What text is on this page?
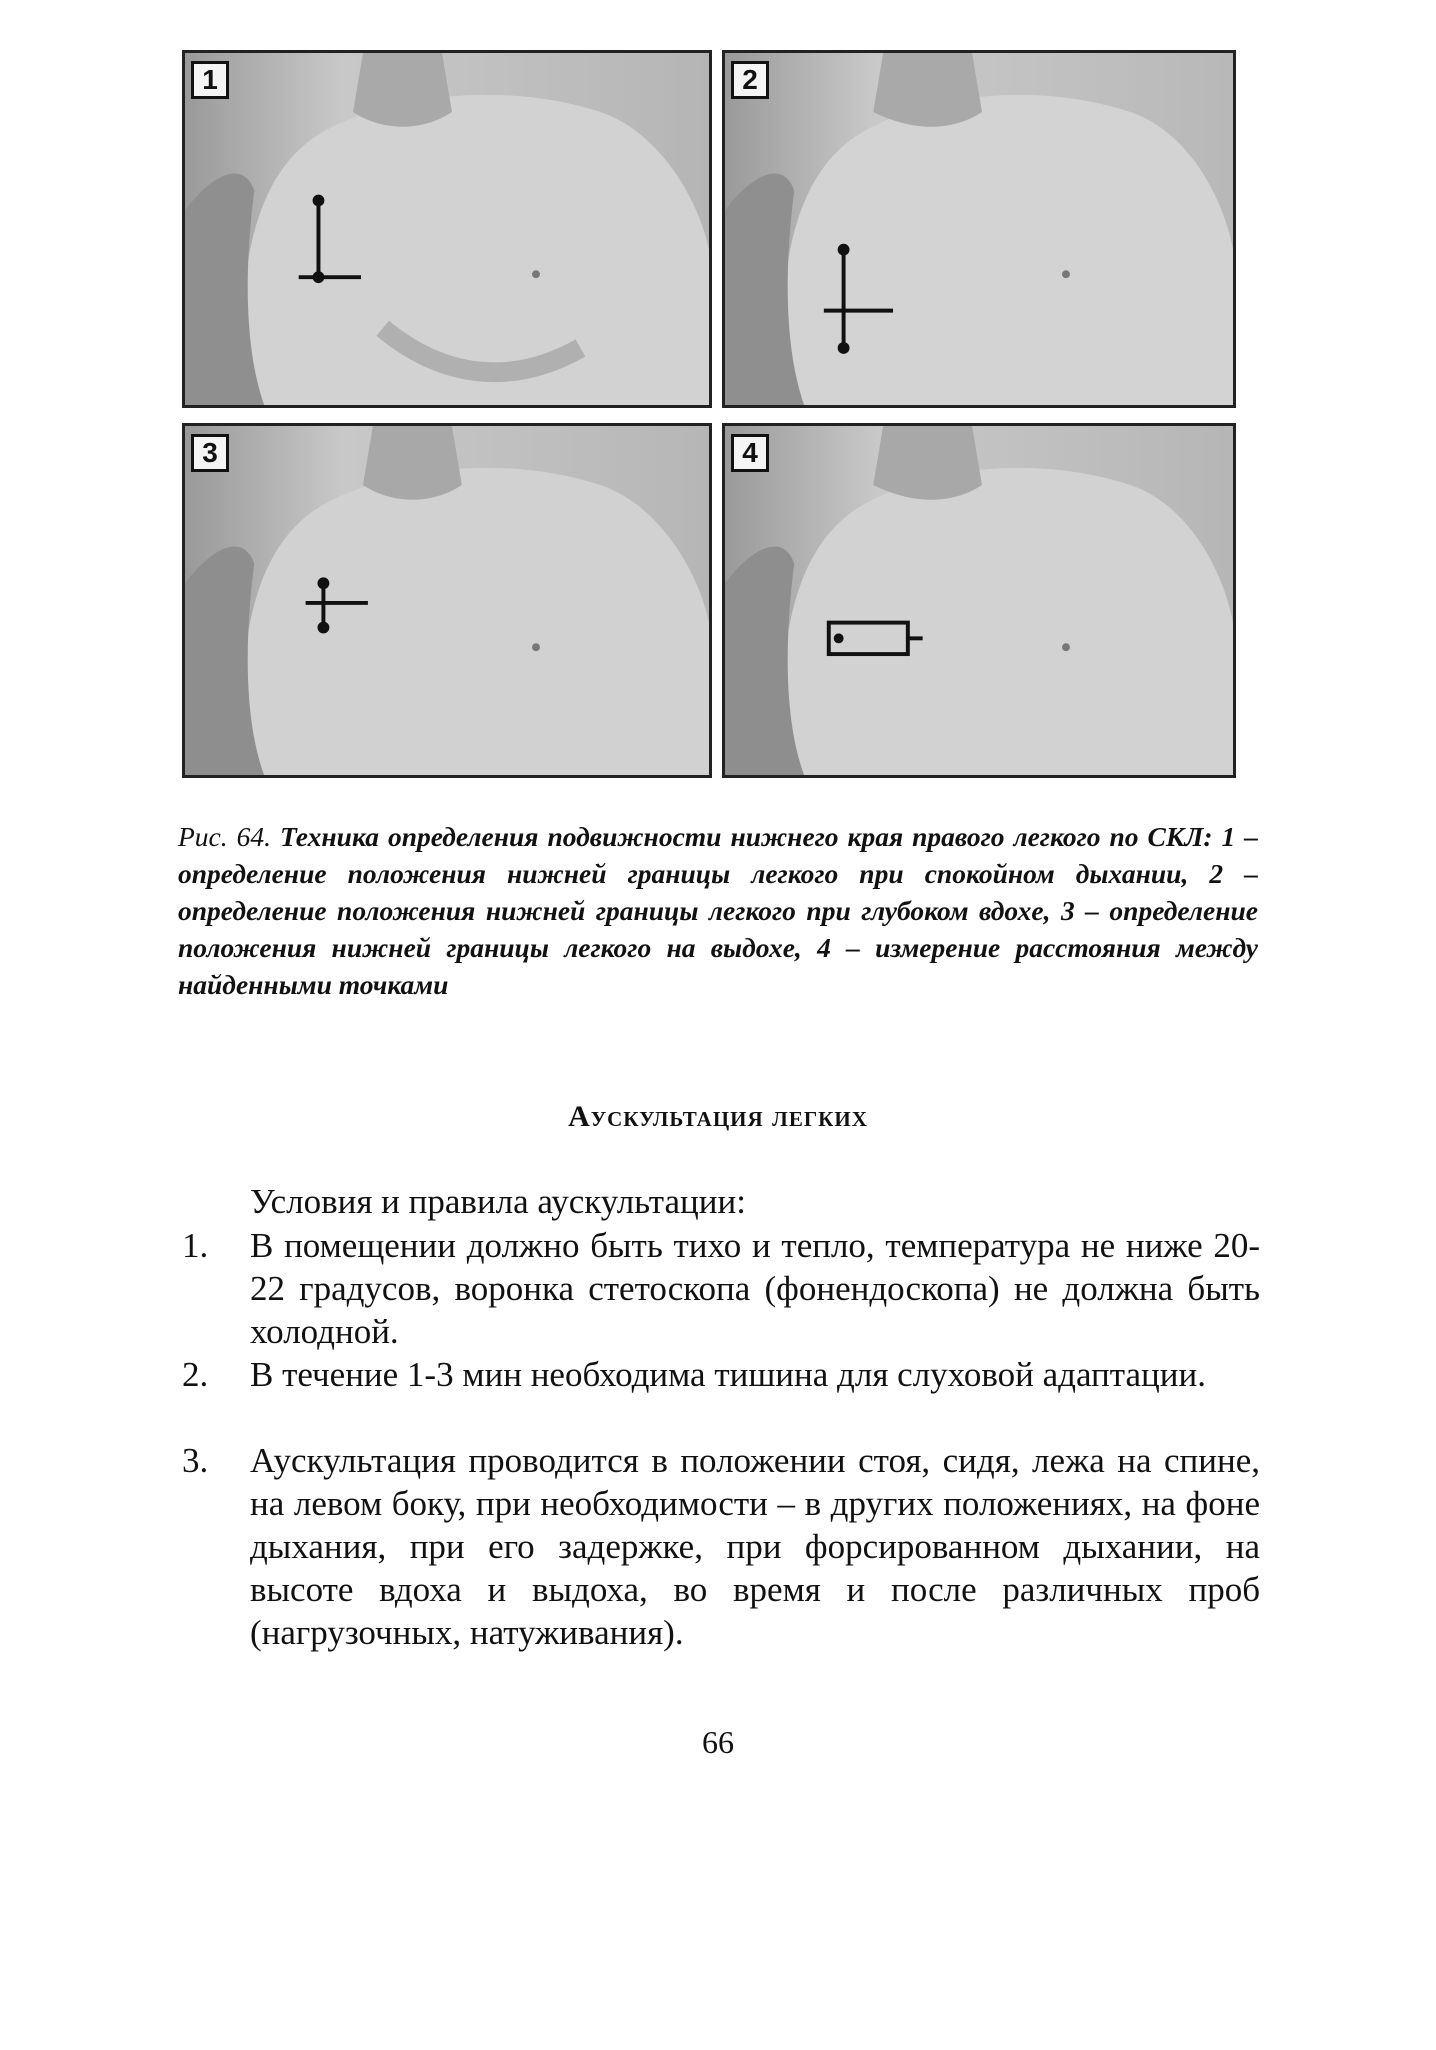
1	2
3	4

Рис. 64. Техника определения подвижности нижнего края правого легкого по СКЛ: 1 – определение положения нижней границы легкого при спокойном дыхании, 2 – определение положения нижней границы легкого при глубоком вдохе, 3 – определение положения нижней границы легкого на выдохе, 4 – измерение расстояния между найденными точками

Аускультация легких

Условия и правила аускультации:

1.	В помещении должно быть тихо и тепло, температура не ниже 20-22 градусов, воронка стетоскопа (фонендоскопа) не должна быть холодной.
2.	В течение 1-3 мин необходима тишина для слуховой адаптации.
3.	Аускультация проводится в положении стоя, сидя, лежа на спине, на левом боку, при необходимости – в других положениях, на фоне дыхания, при его задержке, при форсированном дыхании, на высоте вдоха и выдоха, во время и после различных проб (нагрузочных, натуживания).

66
